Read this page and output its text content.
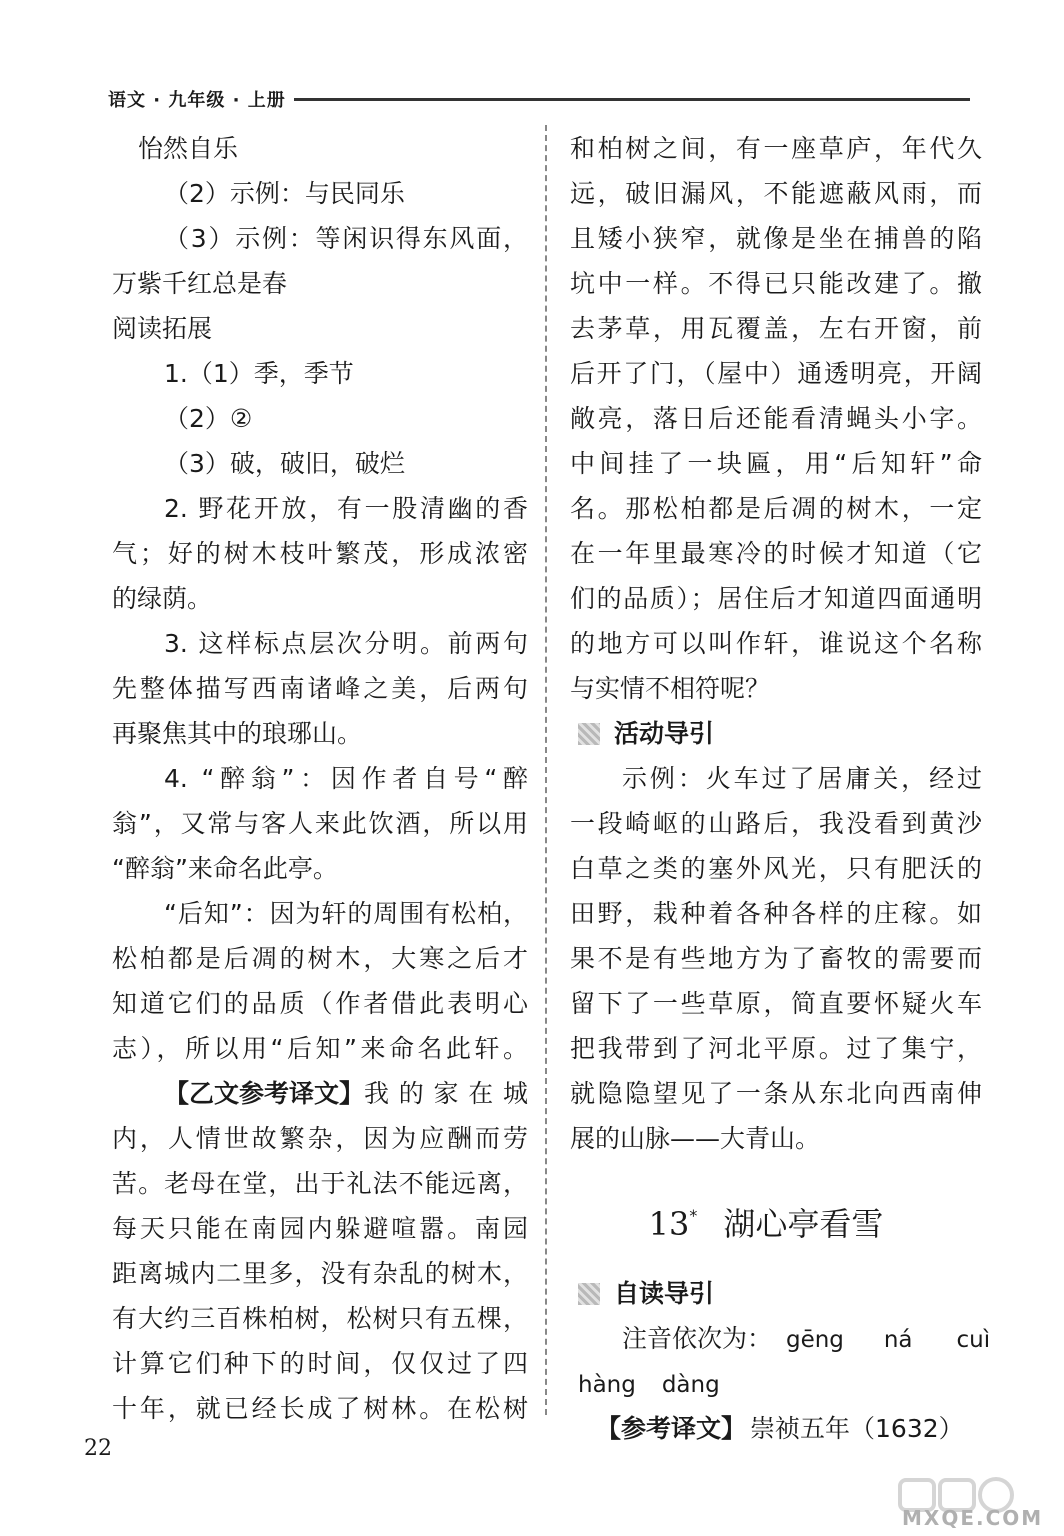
语文 · 九年级 · 上册
怡然自乐
（2）示例：与民同乐
（3）示例：等闲识得东风面，
万紫千红总是春
阅读拓展
1.（1）季，季节
（2）②
（3）破，破旧，破烂
2. 野花开放，有一股清幽的香
气；好的树木枝叶繁茂，形成浓密
的绿荫。
3. 这样标点层次分明。前两句
先整体描写西南诸峰之美，后两句
再聚焦其中的琅琊山。
4. “醉翁”：因作者自号“醉
翁”，又常与客人来此饮酒，所以用
“醉翁”来命名此亭。
“后知”：因为轩的周围有松柏，
松柏都是后凋的树木，大寒之后才
知道它们的品质（作者借此表明心
志），所以用“后知”来命名此轩。
【乙文参考译文】 我的家在城
内，人情世故繁杂，因为应酬而劳
苦。老母在堂，出于礼法不能远离，
每天只能在南园内躲避喧嚣。南园
距离城内二里多，没有杂乱的树木，
有大约三百株柏树，松树只有五棵，
计算它们种下的时间，仅仅过了四
十年，就已经长成了树林。在松树
和柏树之间，有一座草庐，年代久
远，破旧漏风，不能遮蔽风雨，而
且矮小狭窄，就像是坐在捕兽的陷
坑中一样。不得已只能改建了。撤
去茅草，用瓦覆盖，左右开窗，前
后开了门，（屋中）通透明亮，开阔
敞亮，落日后还能看清蝇头小字。
中间挂了一块匾，用“后知轩”命
名。那松柏都是后凋的树木，一定
在一年里最寒冷的时候才知道（它
们的品质）；居住后才知道四面通明
的地方可以叫作轩，谁说这个名称
与实情不相符呢？
活动导引
示例：火车过了居庸关，经过
一段崎岖的山路后，我没看到黄沙
白草之类的塞外风光，只有肥沃的
田野，栽种着各种各样的庄稼。如
果不是有些地方为了畜牧的需要而
留下了一些草原，简直要怀疑火车
把我带到了河北平原。过了集宁，
就隐隐望见了一条从东北向西南伸
展的山脉——大青山。
13* 湖心亭看雪
自读导引
注音依次为： gēng ná cuì
hàng dàng
【参考译文】 崇祯五年（1632）
22
MXQE.COM
